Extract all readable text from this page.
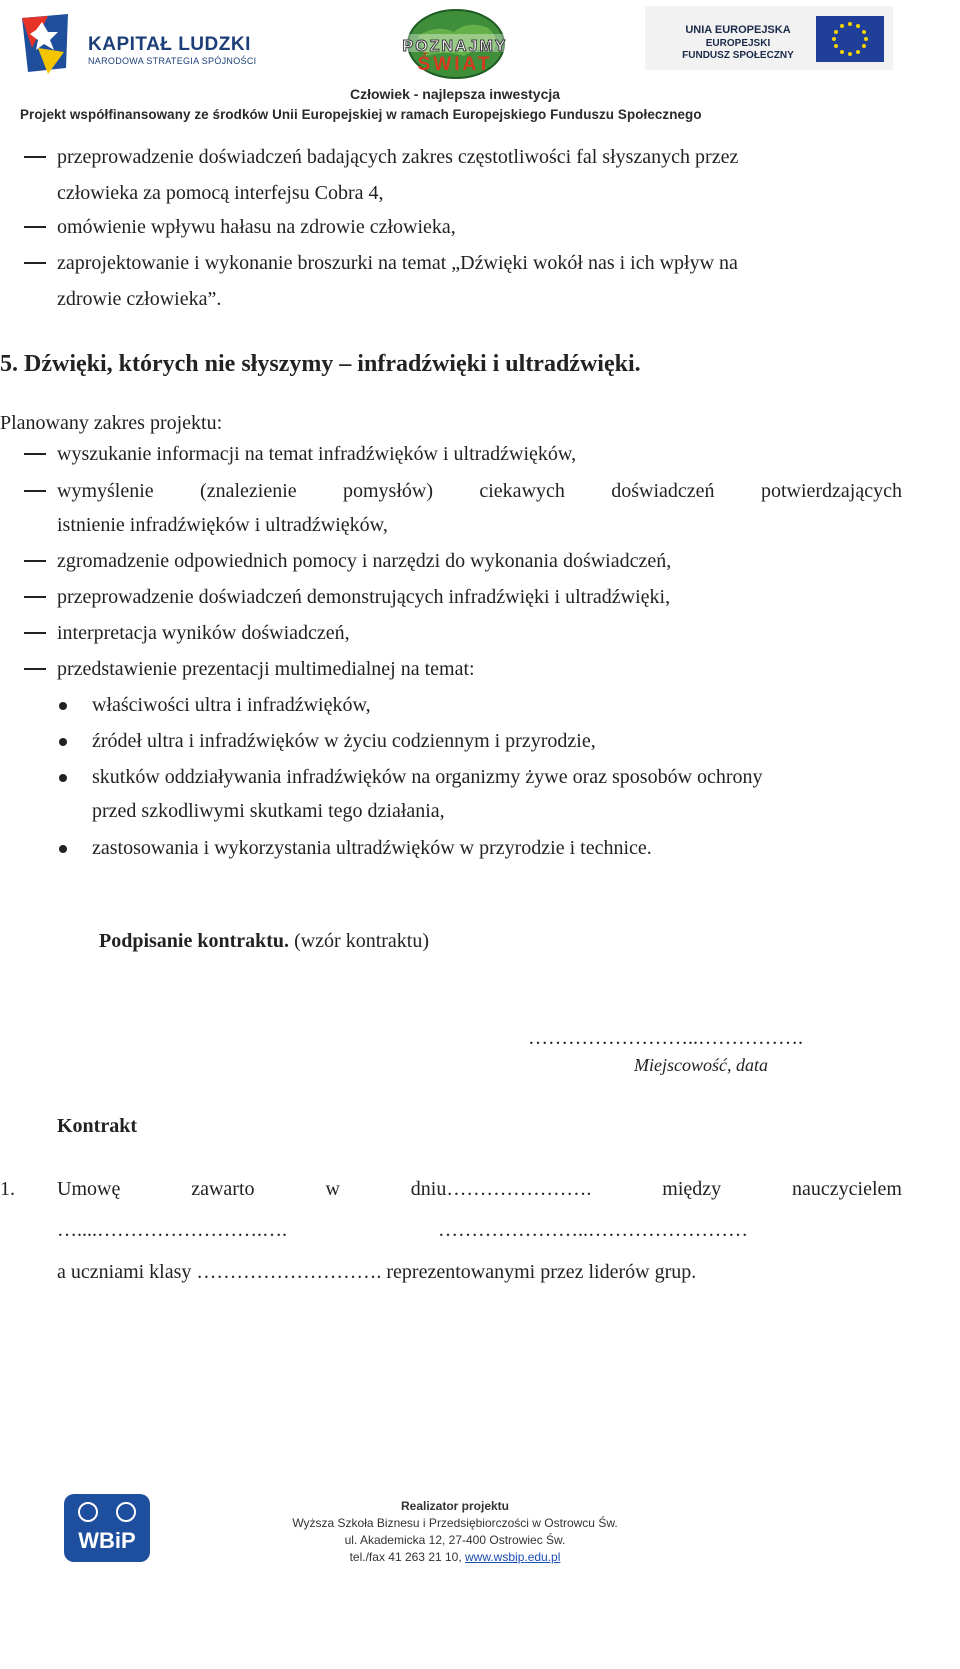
KAPITAŁ LUDZKI
NARODOWA STRATEGIA SPÓJNOŚCI
POZNAJMY
ŚWIAT
UNIA EUROPEJSKA
EUROPEJSKI
FUNDUSZ SPOŁECZNY
Człowiek - najlepsza inwestycja
Projekt współfinansowany ze środków Unii Europejskiej w ramach Europejskiego Funduszu Społecznego
przeprowadzenie doświadczeń badających zakres częstotliwości fal słyszanych przez
człowieka za pomocą interfejsu Cobra 4,
omówienie wpływu hałasu na zdrowie człowieka,
zaprojektowanie i wykonanie broszurki na temat „Dźwięki wokół nas i ich wpływ na
zdrowie człowieka”.
5. Dźwięki, których nie słyszymy – infradźwięki i ultradźwięki.
Planowany zakres projektu:
wyszukanie informacji na temat infradźwięków i ultradźwięków,
wymyślenie (znalezienie pomysłów) ciekawych doświadczeń potwierdzających
istnienie infradźwięków i ultradźwięków,
zgromadzenie odpowiednich pomocy i narzędzi do wykonania doświadczeń,
przeprowadzenie doświadczeń demonstrujących infradźwięki i ultradźwięki,
interpretacja wyników doświadczeń,
przedstawienie prezentacji multimedialnej na temat:
właściwości ultra i infradźwięków,
źródeł ultra i infradźwięków w życiu codziennym i przyrodzie,
skutków oddziaływania infradźwięków na organizmy żywe oraz sposobów ochrony
przed szkodliwymi skutkami tego działania,
zastosowania i wykorzystania ultradźwięków w przyrodzie i technice.
Podpisanie kontraktu. (wzór kontraktu)
……………………..…………….
Miejscowość, data
Kontrakt
1. Umowę	zawarto	w	dniu………………….	między	nauczycielem
…....…………………….….	…………………..……………………
a uczniami klasy ………………………. reprezentowanymi przez liderów grup.
WBiP
Realizator projektu
Wyższa Szkoła Biznesu i Przedsiębiorczości w Ostrowcu Św.
ul. Akademicka 12, 27-400 Ostrowiec Św.
tel./fax 41 263 21 10, www.wsbip.edu.pl
